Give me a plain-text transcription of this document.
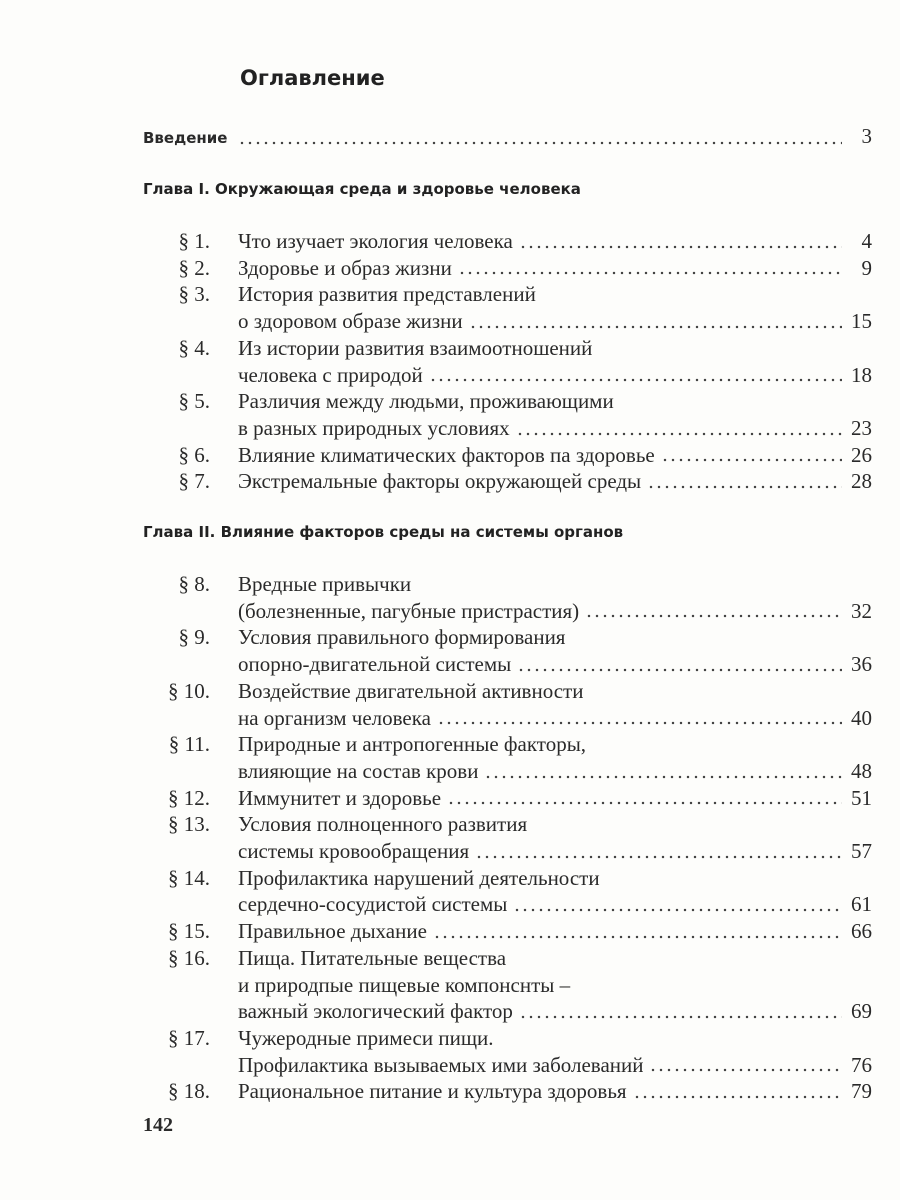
Оглавление
Введение	3
Глава I. Окружающая среда и здоровье человека
§ 1.	Что изучает экология человека	4
§ 2.	Здоровье и образ жизни	9
§ 3.	История развития представлений
о здоровом образе жизни	15
§ 4.	Из истории развития взаимоотношений
человека с природой	18
§ 5.	Различия между людьми, проживающими
в разных природных условиях	23
§ 6.	Влияние климатических факторов па здоровье	26
§ 7.	Экстремальные факторы окружающей среды	28
Глава II. Влияние факторов среды на системы органов
§ 8.	Вредные привычки
(болезненные, пагубные пристрастия)	32
§ 9.	Условия правильного формирования
опорно-двигательной системы	36
§ 10.	Воздействие двигательной активности
на организм человека	40
§ 11.	Природные и антропогенные факторы,
влияющие на состав крови	48
§ 12.	Иммунитет и здоровье	51
§ 13.	Условия полноценного развития
системы кровообращения	57
§ 14.	Профилактика нарушений деятельности
сердечно-сосудистой системы	61
§ 15.	Правильное дыхание	66
§ 16.	Пища. Питательные вещества
и природпые пищевые компонснты –
важный экологический фактор	69
§ 17.	Чужеродные примеси пищи.
Профилактика вызываемых ими заболеваний	76
§ 18.	Рациональное питание и культура здоровья	79
142
